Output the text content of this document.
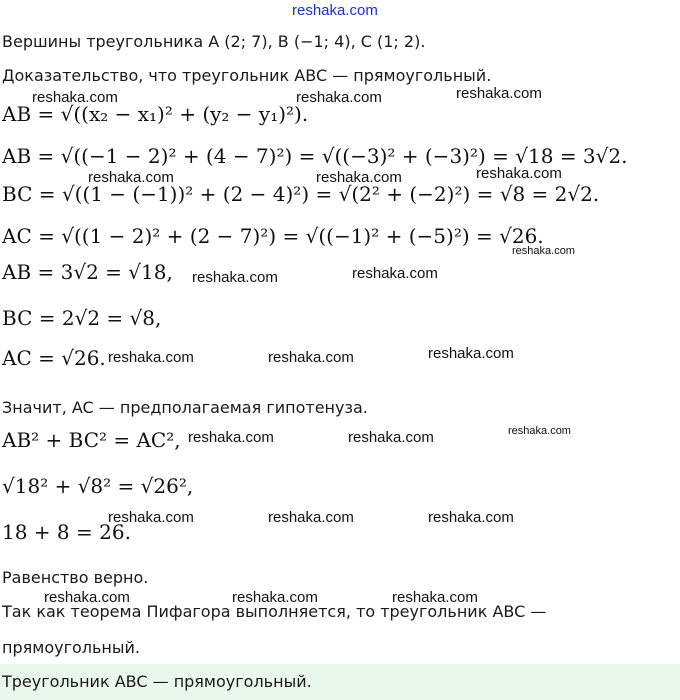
reshaka.com
Вершины треугольника A (2; 7), B (−1; 4), C (1; 2).
Доказательство, что треугольник ABC — прямоугольный.
AB = √((x₂ − x₁)² + (y₂ − y₁)²).
AB = √((−1 − 2)² + (4 − 7)²) = √((−3)² + (−3)²) = √18 = 3√2.
BC = √((1 − (−1))² + (2 − 4)²) = √(2² + (−2)²) = √8 = 2√2.
AC = √((1 − 2)² + (2 − 7)²) = √((−1)² + (−5)²) = √26.
AB = 3√2 = √18,
BC = 2√2 = √8,
AC = √26.
Значит, AC — предполагаемая гипотенуза.
AB² + BC² = AC²,
√18² + √8² = √26²,
18 + 8 = 26.
Равенство верно.
Так как теорема Пифагора выполняется, то треугольник ABC —
прямоугольный.
Треугольник ABC — прямоугольный.
reshaka.com	reshaka.com	reshaka.com
reshaka.com	reshaka.com	reshaka.com
reshaka.com
reshaka.com	reshaka.com
reshaka.com	reshaka.com	reshaka.com
reshaka.com	reshaka.com	reshaka.com
reshaka.com	reshaka.com	reshaka.com
reshaka.com	reshaka.com	reshaka.com
